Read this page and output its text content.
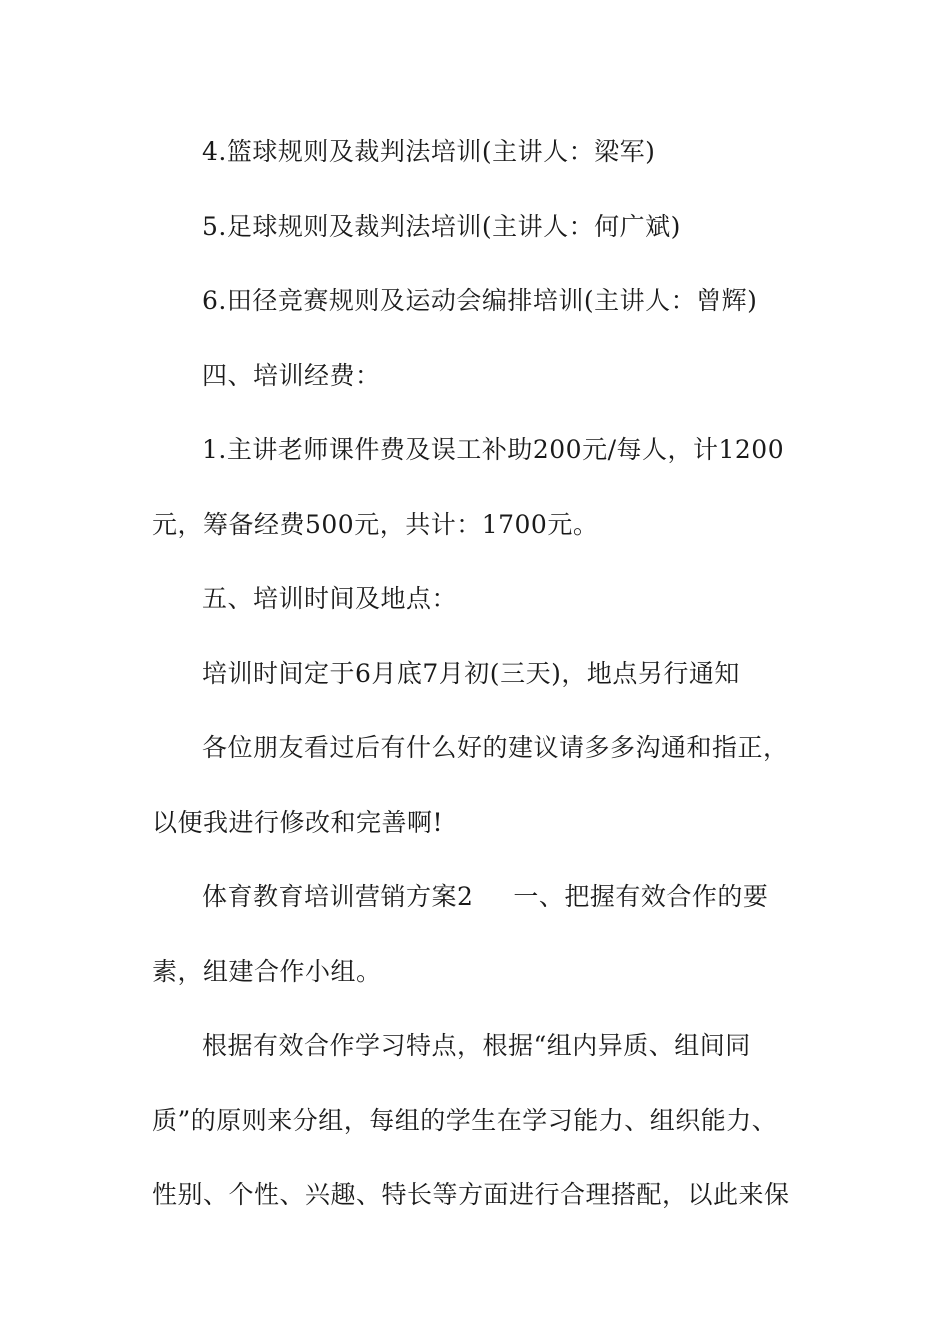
4.篮球规则及裁判法培训(主讲人：梁军)
5.足球规则及裁判法培训(主讲人：何广斌)
6.田径竞赛规则及运动会编排培训(主讲人：曾辉)
四、培训经费：
1.主讲老师课件费及误工补助200元/每人，计1200
元，筹备经费500元，共计：1700元。
五、培训时间及地点：
培训时间定于6月底7月初(三天)，地点另行通知
各位朋友看过后有什么好的建议请多多沟通和指正，
以便我进行修改和完善啊!
体育教育培训营销方案2 一、把握有效合作的要
素，组建合作小组。
根据有效合作学习特点，根据“组内异质、组间同
质”的原则来分组，每组的学生在学习能力、组织能力、
性别、个性、兴趣、特长等方面进行合理搭配，以此来保
